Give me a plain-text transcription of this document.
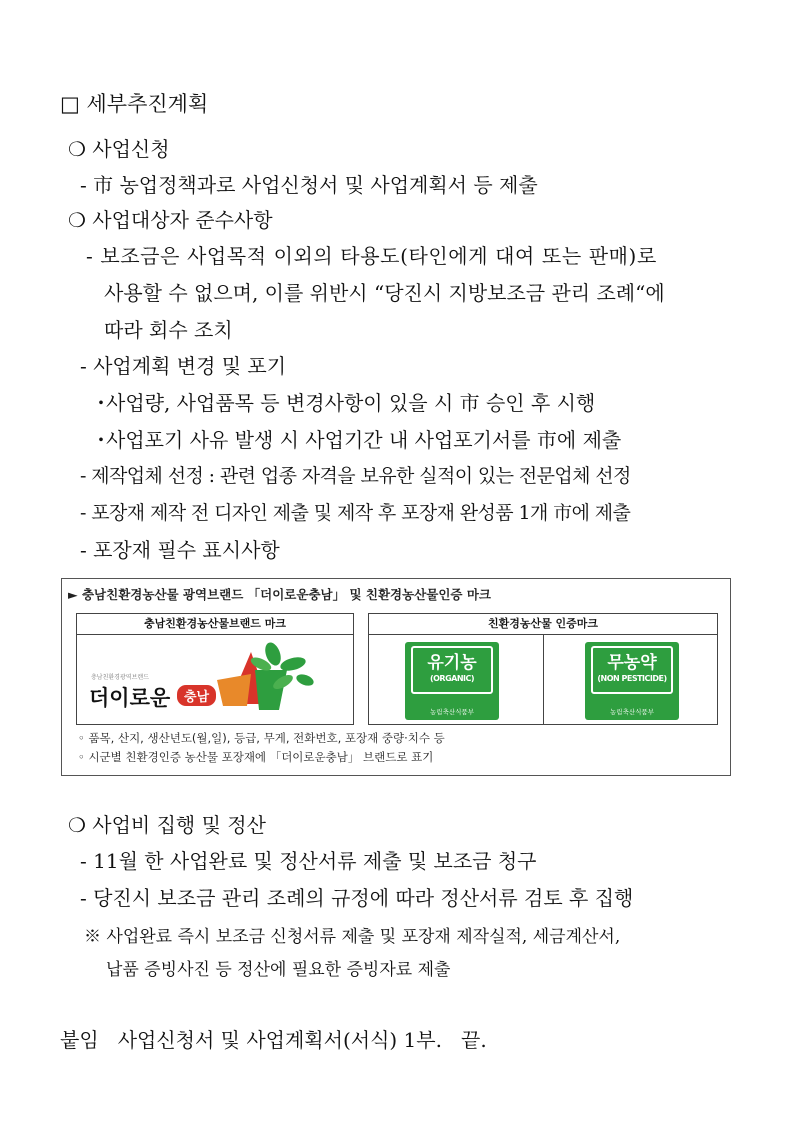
□ 세부추진계획
❍ 사업신청
- 市 농업정책과로 사업신청서 및 사업계획서 등 제출
❍ 사업대상자 준수사항
- 보조금은 사업목적 이외의 타용도(타인에게 대여 또는 판매)로
사용할 수 없으며, 이를 위반시 “당진시 지방보조금 관리 조례“에
따라 회수 조치
- 사업계획 변경 및 포기
･사업량, 사업품목 등 변경사항이 있을 시 市 승인 후 시행
･사업포기 사유 발생 시 사업기간 내 사업포기서를 市에 제출
- 제작업체 선정 : 관련 업종 자격을 보유한 실적이 있는 전문업체 선정
- 포장재 제작 전 디자인 제출 및 제작 후 포장재 완성품 1개 市에 제출
- 포장재 필수 표시사항
► 충남친환경농산물 광역브랜드 「더이로운충남」 및 친환경농산물인증 마크
충남친환경농산물브랜드 마크
충남친환경광역브랜드
더이로운	충남
친환경농산물 인증마크
유기농
(ORGANIC)
농림축산식품부
무농약
(NON PESTICIDE)
농림축산식품부
◦ 품목, 산지, 생산년도(월,일), 등급, 무게, 전화번호, 포장재 중량·치수 등
◦ 시군별 친환경인증 농산물 포장재에 「더이로운충남」 브랜드로 표기
❍ 사업비 집행 및 정산
- 11월 한 사업완료 및 정산서류 제출 및 보조금 청구
- 당진시 보조금 관리 조례의 규정에 따라 정산서류 검토 후 집행
※ 사업완료 즉시 보조금 신청서류 제출 및 포장재 제작실적, 세금계산서,
납품 증빙사진 등 정산에 필요한 증빙자료 제출
붙임   사업신청서 및 사업계획서(서식) 1부.   끝.
